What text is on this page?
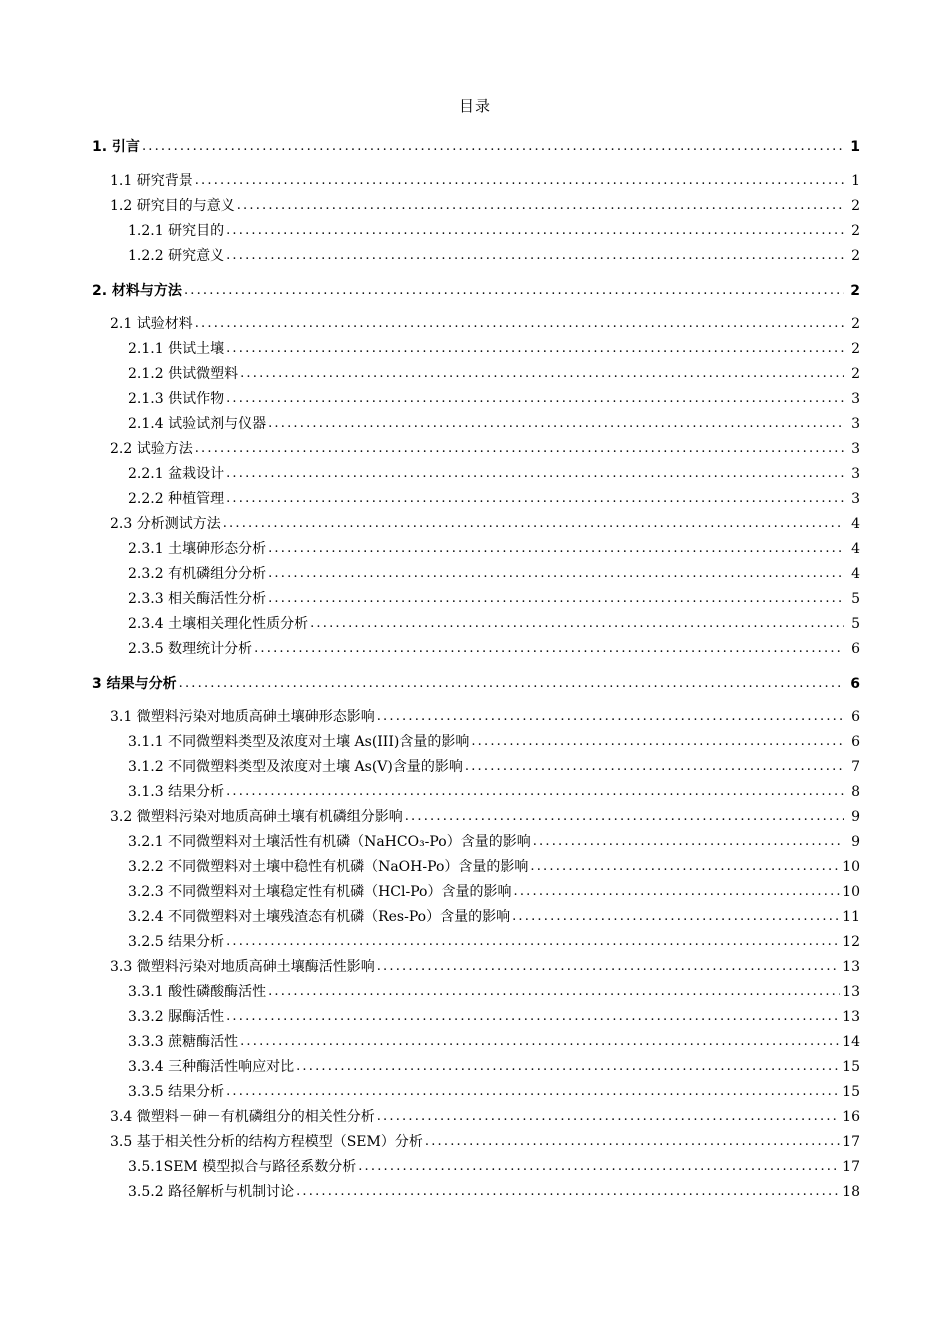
目录
1. 引言 .....	1
1.1 研究背景 .....	1
1.2 研究目的与意义 .....	2
1.2.1 研究目的 .....	2
1.2.2 研究意义 .....	2
2. 材料与方法 .....	2
2.1 试验材料 .....	2
2.1.1 供试土壤 .....	2
2.1.2 供试微塑料 .....	2
2.1.3 供试作物 .....	3
2.1.4 试验试剂与仪器 .....	3
2.2 试验方法 .....	3
2.2.1 盆栽设计 .....	3
2.2.2 种植管理 .....	3
2.3 分析测试方法 .....	4
2.3.1 土壤砷形态分析 .....	4
2.3.2 有机磷组分分析 .....	4
2.3.3 相关酶活性分析 .....	5
2.3.4 土壤相关理化性质分析 .....	5
2.3.5 数理统计分析 .....	6
3 结果与分析 .....	6
3.1 微塑料污染对地质高砷土壤砷形态影响 .....	6
3.1.1 不同微塑料类型及浓度对土壤 As(III)含量的影响 .....	6
3.1.2 不同微塑料类型及浓度对土壤 As(V)含量的影响 .....	7
3.1.3 结果分析 .....	8
3.2 微塑料污染对地质高砷土壤有机磷组分影响 .....	9
3.2.1 不同微塑料对土壤活性有机磷（NaHCO₃-Po）含量的影响 .....	9
3.2.2 不同微塑料对土壤中稳性有机磷（NaOH-Po）含量的影响 .....	10
3.2.3 不同微塑料对土壤稳定性有机磷（HCl-Po）含量的影响 .....	10
3.2.4 不同微塑料对土壤残渣态有机磷（Res-Po）含量的影响 .....	11
3.2.5 结果分析 .....	12
3.3 微塑料污染对地质高砷土壤酶活性影响 .....	13
3.3.1 酸性磷酸酶活性 .....	13
3.3.2 脲酶活性 .....	13
3.3.3 蔗糖酶活性 .....	14
3.3.4 三种酶活性响应对比 .....	15
3.3.5 结果分析 .....	15
3.4 微塑料－砷－有机磷组分的相关性分析 .....	16
3.5 基于相关性分析的结构方程模型（SEM）分析 .....	17
3.5.1SEM 模型拟合与路径系数分析 .....	17
3.5.2 路径解析与机制讨论 .....	18
